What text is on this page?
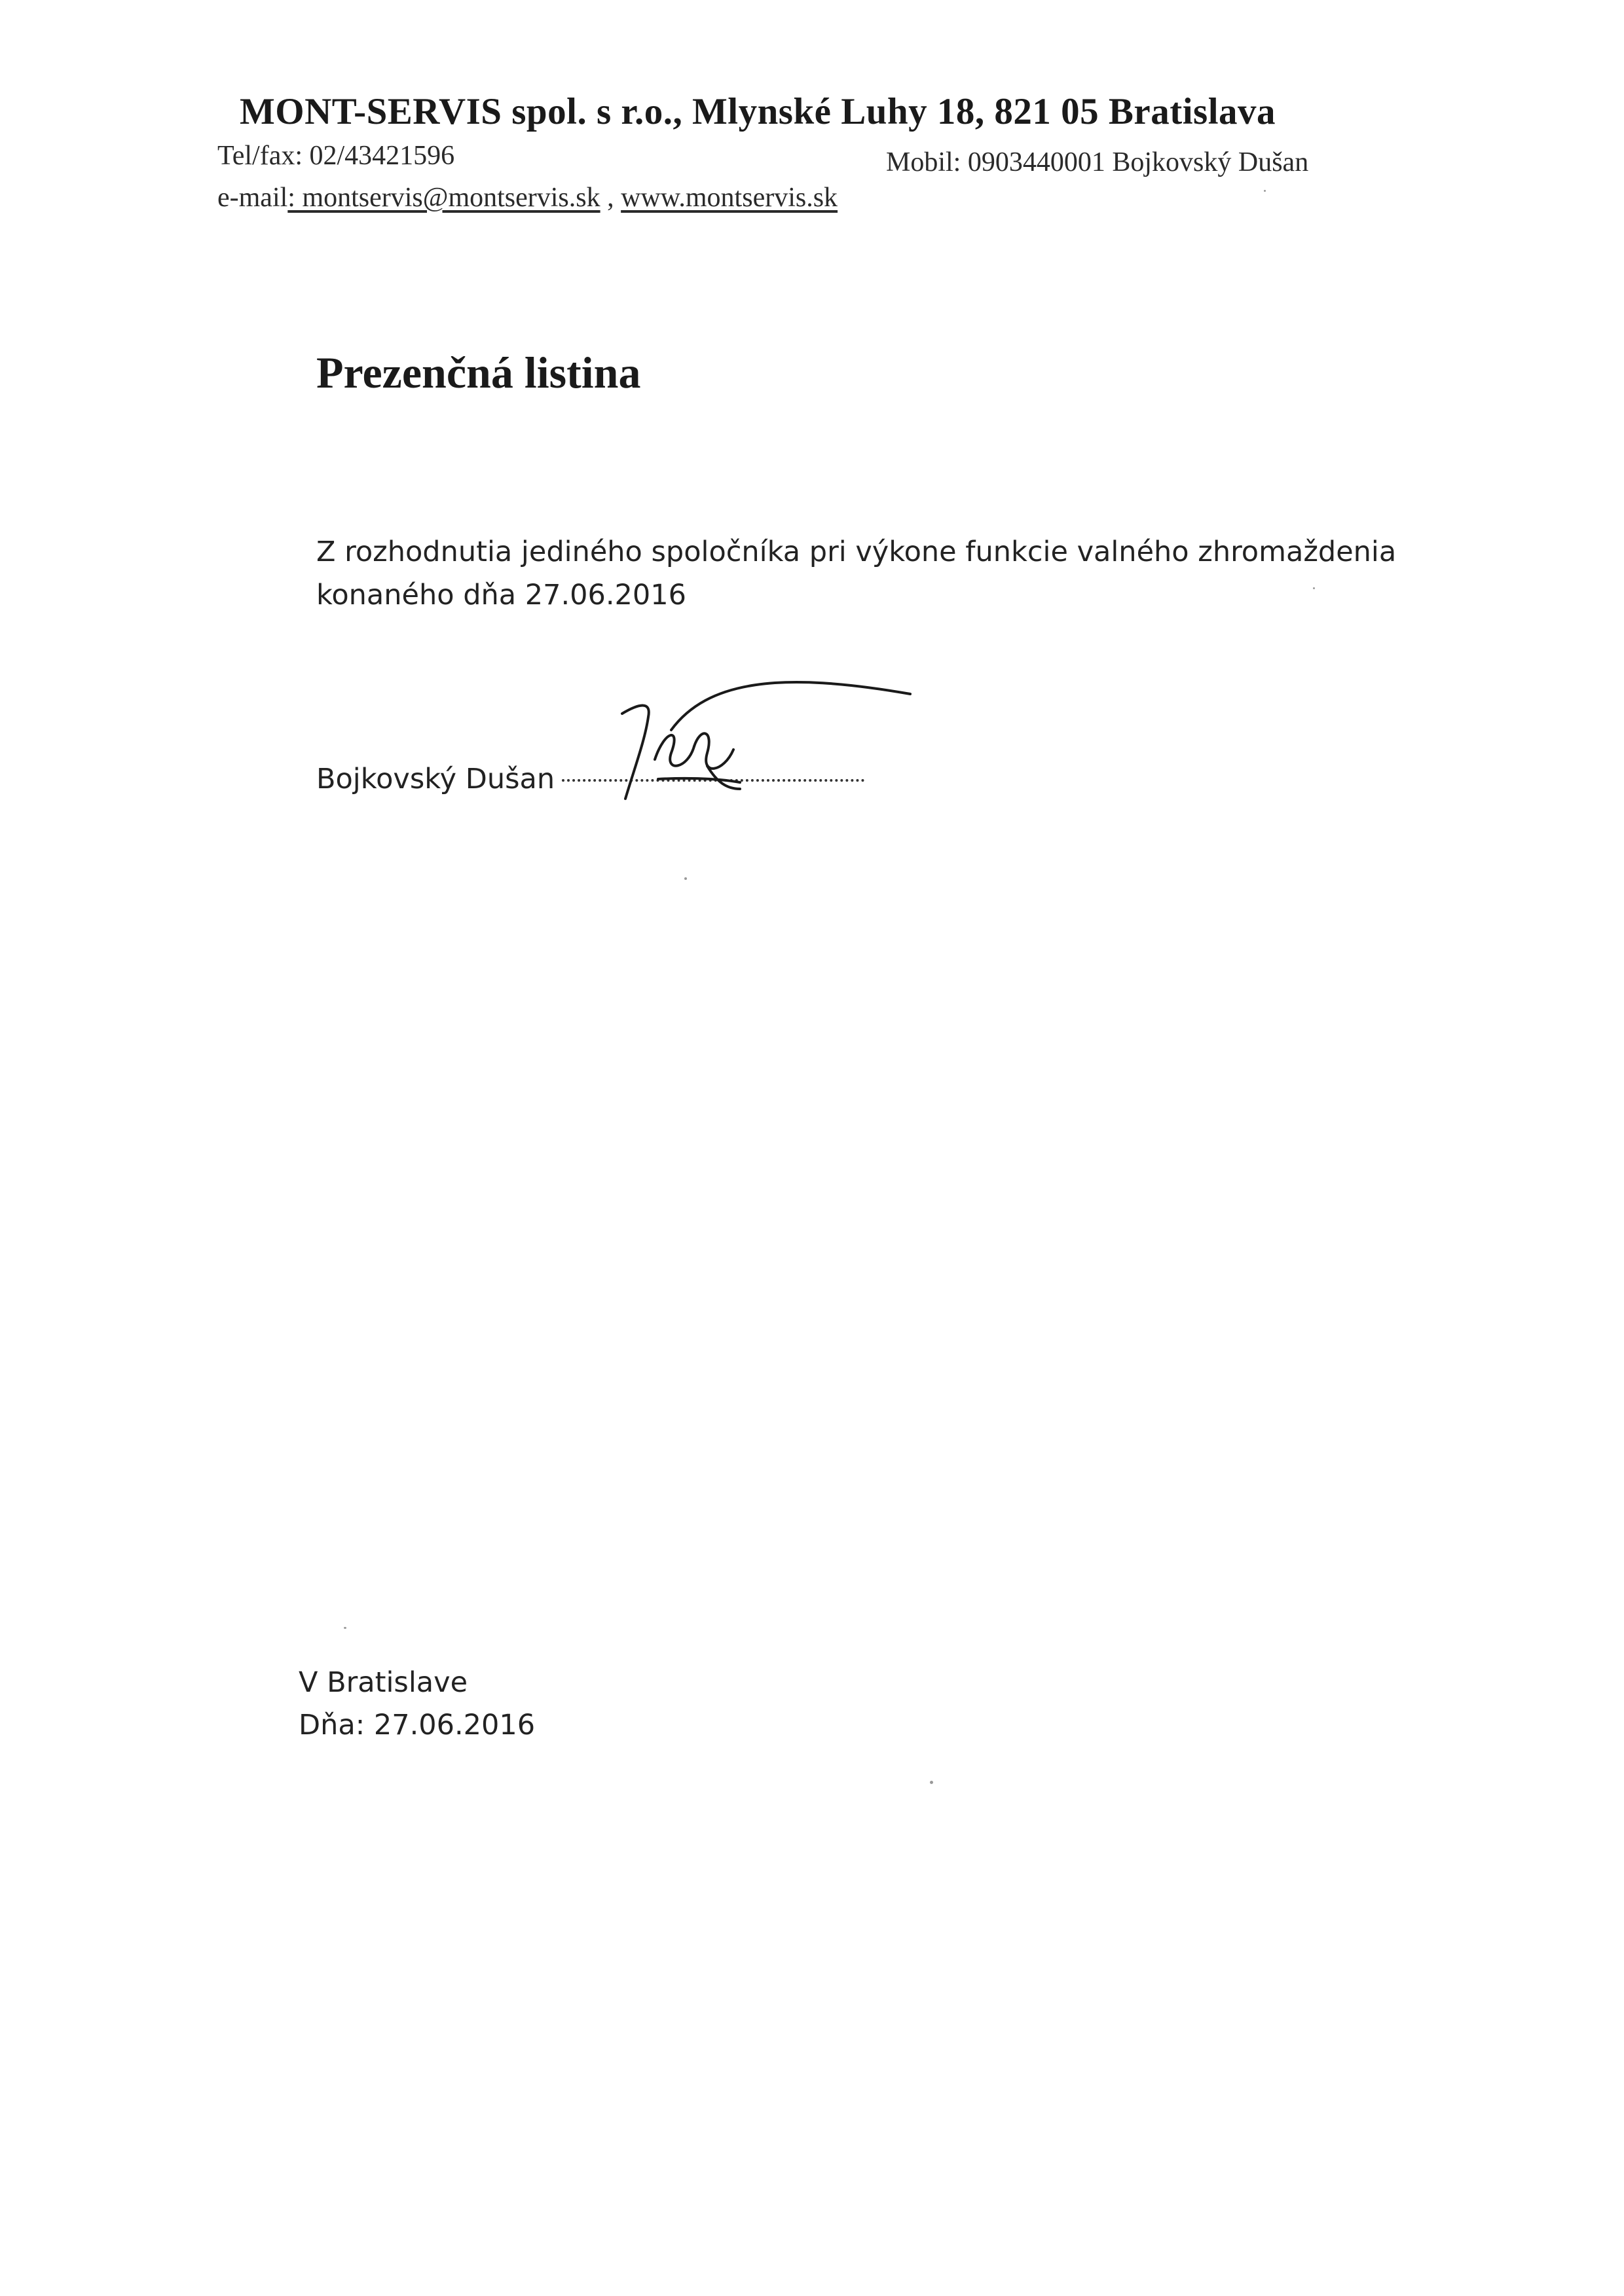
MONT-SERVIS spol. s r.o., Mlynské Luhy 18, 821 05 Bratislava
Tel/fax: 02/43421596	Mobil: 0903440001 Bojkovský Dušan
e-mail: montservis@montservis.sk , www.montservis.sk
Prezenčná listina
Z rozhodnutia jediného spoločníka pri výkone funkcie valného zhromaždenia
konaného dňa 27.06.2016
Bojkovský Dušan
V Bratislave
Dňa: 27.06.2016
